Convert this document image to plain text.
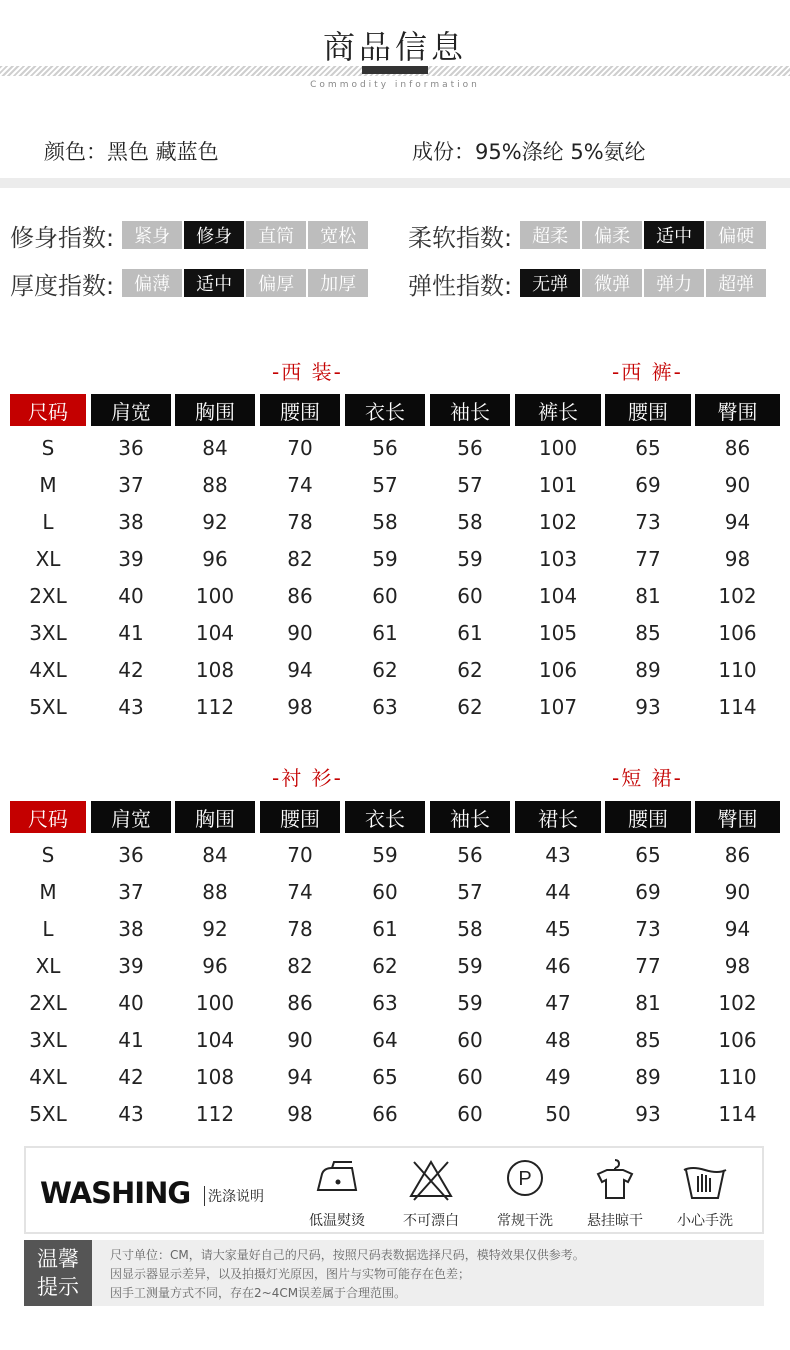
商品信息
Commodity information
颜色：黑色 藏蓝色	成份：95%涤纶 5%氨纶
修身指数:	紧身	修身	直筒	宽松	柔软指数:	超柔	偏柔	适中	偏硬
厚度指数:	偏薄	适中	偏厚	加厚	弹性指数:	无弹	微弹	弹力	超弹
-西 装-	-西 裤-
尺码	肩宽	胸围	腰围	衣长	袖长	裤长	腰围	臀围
S	36	84	70	56	56	100	65	86
M	37	88	74	57	57	101	69	90
L	38	92	78	58	58	102	73	94
XL	39	96	82	59	59	103	77	98
2XL	40	100	86	60	60	104	81	102
3XL	41	104	90	61	61	105	85	106
4XL	42	108	94	62	62	106	89	110
5XL	43	112	98	63	62	107	93	114
-衬 衫-	-短 裙-
尺码	肩宽	胸围	腰围	衣长	袖长	裙长	腰围	臀围
S	36	84	70	59	56	43	65	86
M	37	88	74	60	57	44	69	90
L	38	92	78	61	58	45	73	94
XL	39	96	82	62	59	46	77	98
2XL	40	100	86	63	59	47	81	102
3XL	41	104	90	64	60	48	85	106
4XL	42	108	94	65	60	49	89	110
5XL	43	112	98	66	60	50	93	114
WASHING 洗涤说明
低温熨烫	不可漂白
P
常规干洗	悬挂晾干	小心手洗
温馨
提示
尺寸单位：CM，请大家量好自己的尺码，按照尺码表数据选择尺码，模特效果仅供参考。
因显示器显示差异，以及拍摄灯光原因，图片与实物可能存在色差；
因手工测量方式不同，存在2~4CM误差属于合理范围。
